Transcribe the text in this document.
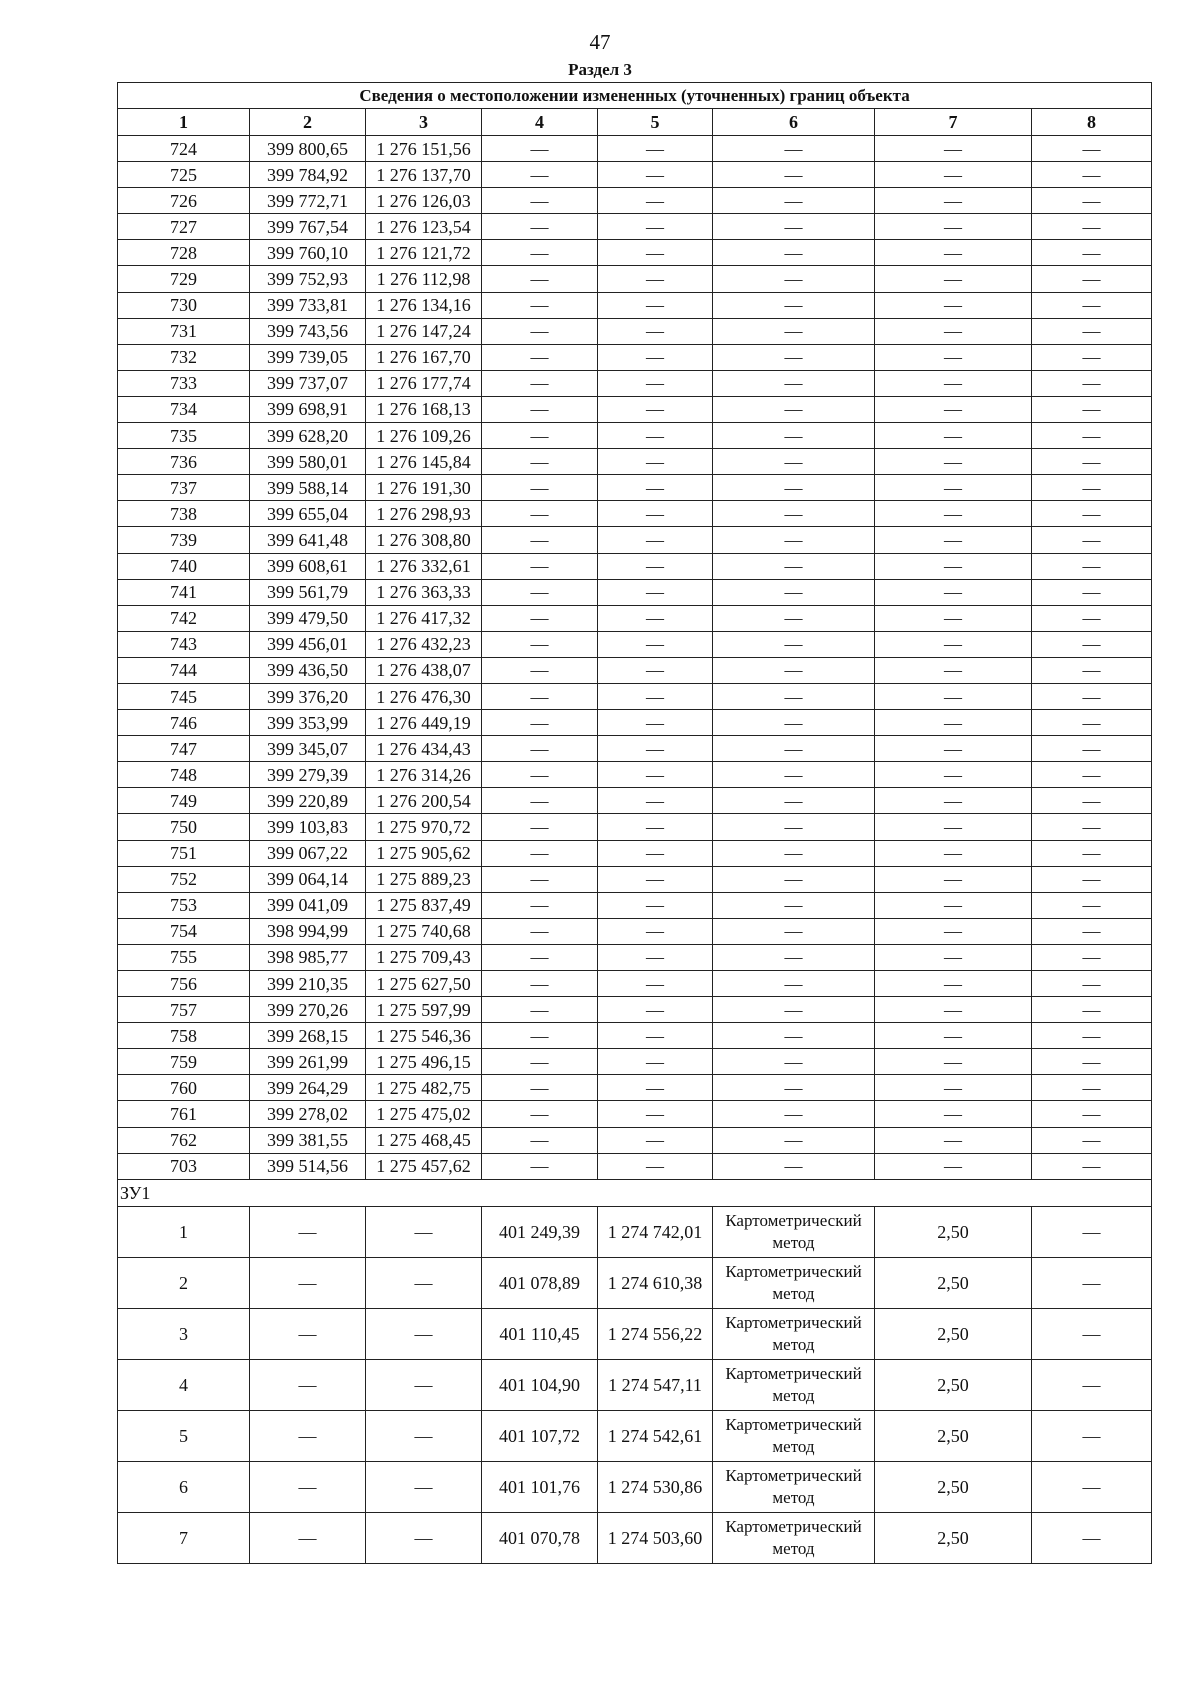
47
Раздел 3
Сведения о местоположении измененных (уточненных) границ объекта							
1	2	3	4	5	6	7	8
724	399 800,65	1 276 151,56	—	—	—	—	—
725	399 784,92	1 276 137,70	—	—	—	—	—
726	399 772,71	1 276 126,03	—	—	—	—	—
727	399 767,54	1 276 123,54	—	—	—	—	—
728	399 760,10	1 276 121,72	—	—	—	—	—
729	399 752,93	1 276 112,98	—	—	—	—	—
730	399 733,81	1 276 134,16	—	—	—	—	—
731	399 743,56	1 276 147,24	—	—	—	—	—
732	399 739,05	1 276 167,70	—	—	—	—	—
733	399 737,07	1 276 177,74	—	—	—	—	—
734	399 698,91	1 276 168,13	—	—	—	—	—
735	399 628,20	1 276 109,26	—	—	—	—	—
736	399 580,01	1 276 145,84	—	—	—	—	—
737	399 588,14	1 276 191,30	—	—	—	—	—
738	399 655,04	1 276 298,93	—	—	—	—	—
739	399 641,48	1 276 308,80	—	—	—	—	—
740	399 608,61	1 276 332,61	—	—	—	—	—
741	399 561,79	1 276 363,33	—	—	—	—	—
742	399 479,50	1 276 417,32	—	—	—	—	—
743	399 456,01	1 276 432,23	—	—	—	—	—
744	399 436,50	1 276 438,07	—	—	—	—	—
745	399 376,20	1 276 476,30	—	—	—	—	—
746	399 353,99	1 276 449,19	—	—	—	—	—
747	399 345,07	1 276 434,43	—	—	—	—	—
748	399 279,39	1 276 314,26	—	—	—	—	—
749	399 220,89	1 276 200,54	—	—	—	—	—
750	399 103,83	1 275 970,72	—	—	—	—	—
751	399 067,22	1 275 905,62	—	—	—	—	—
752	399 064,14	1 275 889,23	—	—	—	—	—
753	399 041,09	1 275 837,49	—	—	—	—	—
754	398 994,99	1 275 740,68	—	—	—	—	—
755	398 985,77	1 275 709,43	—	—	—	—	—
756	399 210,35	1 275 627,50	—	—	—	—	—
757	399 270,26	1 275 597,99	—	—	—	—	—
758	399 268,15	1 275 546,36	—	—	—	—	—
759	399 261,99	1 275 496,15	—	—	—	—	—
760	399 264,29	1 275 482,75	—	—	—	—	—
761	399 278,02	1 275 475,02	—	—	—	—	—
762	399 381,55	1 275 468,45	—	—	—	—	—
703	399 514,56	1 275 457,62	—	—	—	—	—
ЗУ1							
1	—	—	401 249,39	1 274 742,01	Картометрический метод	2,50	—
2	—	—	401 078,89	1 274 610,38	Картометрический метод	2,50	—
3	—	—	401 110,45	1 274 556,22	Картометрический метод	2,50	—
4	—	—	401 104,90	1 274 547,11	Картометрический метод	2,50	—
5	—	—	401 107,72	1 274 542,61	Картометрический метод	2,50	—
6	—	—	401 101,76	1 274 530,86	Картометрический метод	2,50	—
7	—	—	401 070,78	1 274 503,60	Картометрический метод	2,50	—
